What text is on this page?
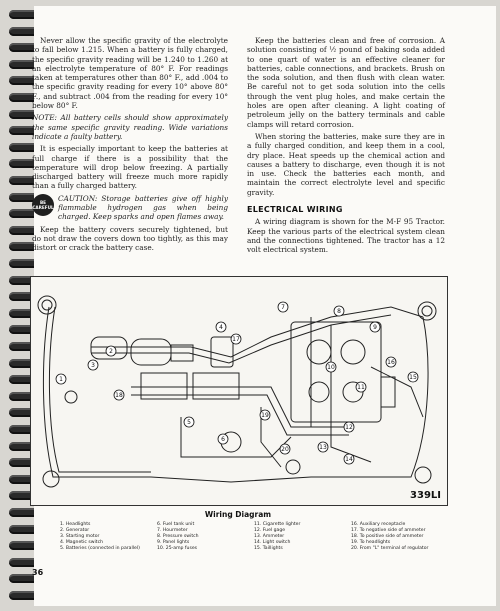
Never allow the specific gravity of the electrolyte to fall below 1.215. When a battery is fully charged, the specific gravity reading will be 1.240 to 1.260 at an electrolyte temperature of 80° F. For readings taken at temperatures other than 80° F., add .004 to the specific gravity reading for every 10° above 80° F., and subtract .004 from the reading for every 10° below 80° F.

NOTE: All battery cells should show approximately the same specific gravity reading. Wide variations indicate a faulty battery.

It is especially important to keep the batteries at full charge if there is a possibility that the temperature will drop below freezing. A partially discharged battery will freeze much more rapidly than a fully charged battery.

BE CAREFUL
CAUTION: Storage batteries give off highly flammable hydrogen gas when being charged. Keep sparks and open flames away.

Keep the battery covers securely tightened, but do not draw the covers down too tightly, as this may distort or crack the battery case.

Keep the batteries clean and free of corrosion. A solution consisting of ½ pound of baking soda added to one quart of water is an effective cleaner for batteries, cable connections, and brackets. Brush on the soda solution, and then flush with clean water. Be careful not to get soda solution into the cells through the vent plug holes, and make certain the holes are open after cleaning. A light coating of petroleum jelly on the battery terminals and cable clamps will retard corrosion.

When storing the batteries, make sure they are in a fully charged condition, and keep them in a cool, dry place. Heat speeds up the chemical action and causes a battery to discharge, even though it is not in use. Check the batteries each month, and maintain the correct electrolyte level and specific gravity.

ELECTRICAL WIRING

A wiring diagram is shown for the M-F 95 Tractor. Keep the various parts of the electrical system clean and the connections tightened. The tractor has a 12 volt electrical system.

1
2
3
4
5
6
7
8
9
10
11
12
13
14
15
16
17
18
19
20
339LI
Wiring Diagram
1. Headlights	6. Fuel tank unit	11. Cigarette lighter	16. Auxiliary receptacle
2. Generator	7. Hourmeter	12. Fuel gage	17. To negative side of ammeter
3. Starting motor	8. Pressure switch	13. Ammeter	18. To positive side of ammeter
4. Magnetic switch	9. Panel lights	14. Light switch	19. To headlights
5. Batteries (connected in parallel)	10. 25-amp fuses	15. Taillights	20. From "L" terminal of regulator
36
